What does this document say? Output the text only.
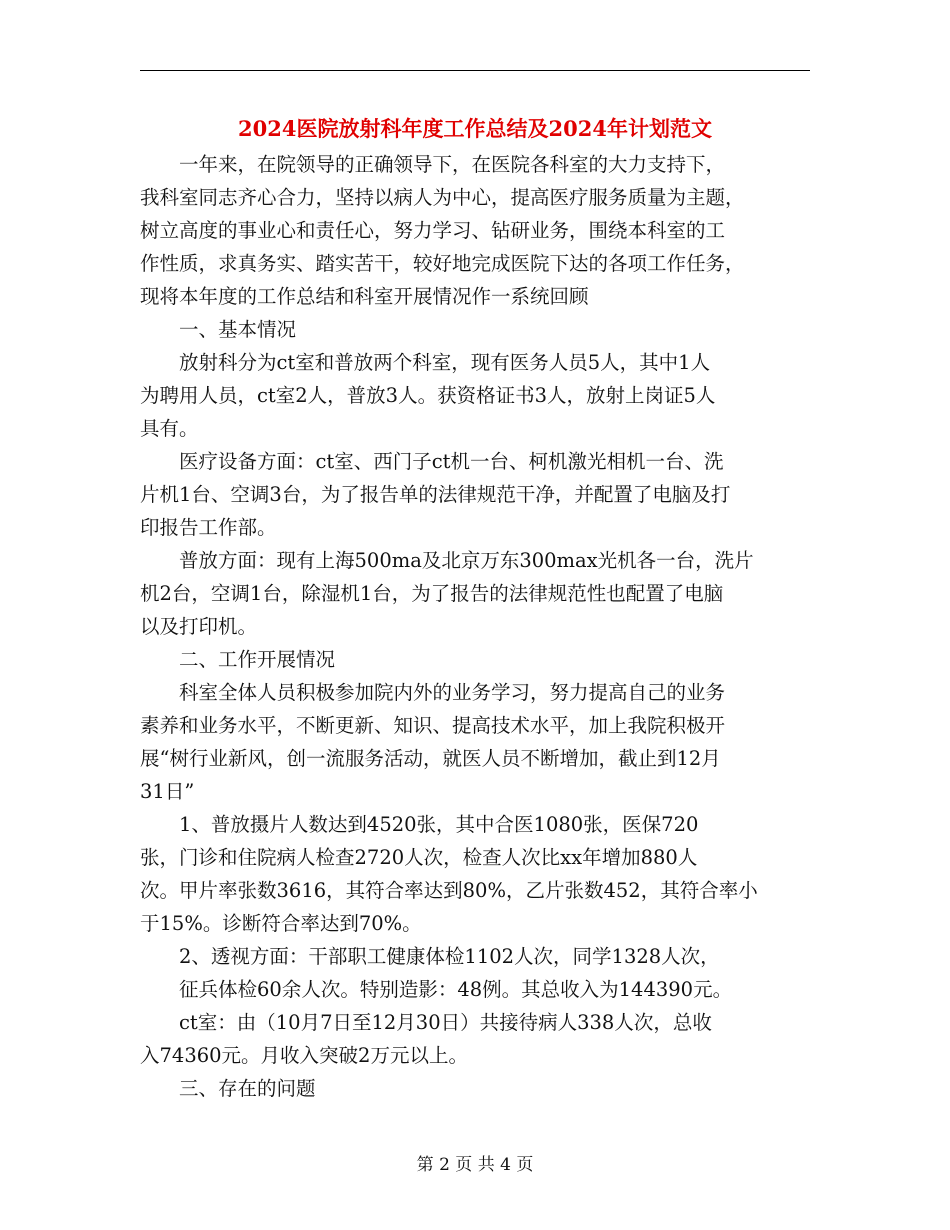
2024医院放射科年度工作总结及2024年计划范文
　　一年来，在院领导的正确领导下，在医院各科室的大力支持下，
我科室同志齐心合力，坚持以病人为中心，提高医疗服务质量为主题，
树立高度的事业心和责任心，努力学习、钻研业务，围绕本科室的工
作性质，求真务实、踏实苦干，较好地完成医院下达的各项工作任务，
现将本年度的工作总结和科室开展情况作一系统回顾
　　一、基本情况
　　放射科分为ct室和普放两个科室，现有医务人员5人，其中1人
为聘用人员，ct室2人，普放3人。获资格证书3人，放射上岗证5人
具有。
　　医疗设备方面：ct室、西门子ct机一台、柯机激光相机一台、洗
片机1台、空调3台，为了报告单的法律规范干净，并配置了电脑及打
印报告工作部。
　　普放方面：现有上海500ma及北京万东300max光机各一台，洗片
机2台，空调1台，除湿机1台，为了报告的法律规范性也配置了电脑
以及打印机。
　　二、工作开展情况
　　科室全体人员积极参加院内外的业务学习，努力提高自己的业务
素养和业务水平，不断更新、知识、提高技术水平，加上我院积极开
展“树行业新风，创一流服务活动，就医人员不断增加，截止到12月
31日”
　　1、普放摄片人数达到4520张，其中合医1080张，医保720
张，门诊和住院病人检查2720人次，检查人次比xx年增加880人
次。甲片率张数3616，其符合率达到80%，乙片张数452，其符合率小
于15%。诊断符合率达到70%。
　　2、透视方面：干部职工健康体检1102人次，同学1328人次，
　　征兵体检60余人次。特别造影：48例。其总收入为144390元。
　　ct室：由（10月7日至12月30日）共接待病人338人次，总收
入74360元。月收入突破2万元以上。
　　三、存在的问题
第 2 页 共 4 页
